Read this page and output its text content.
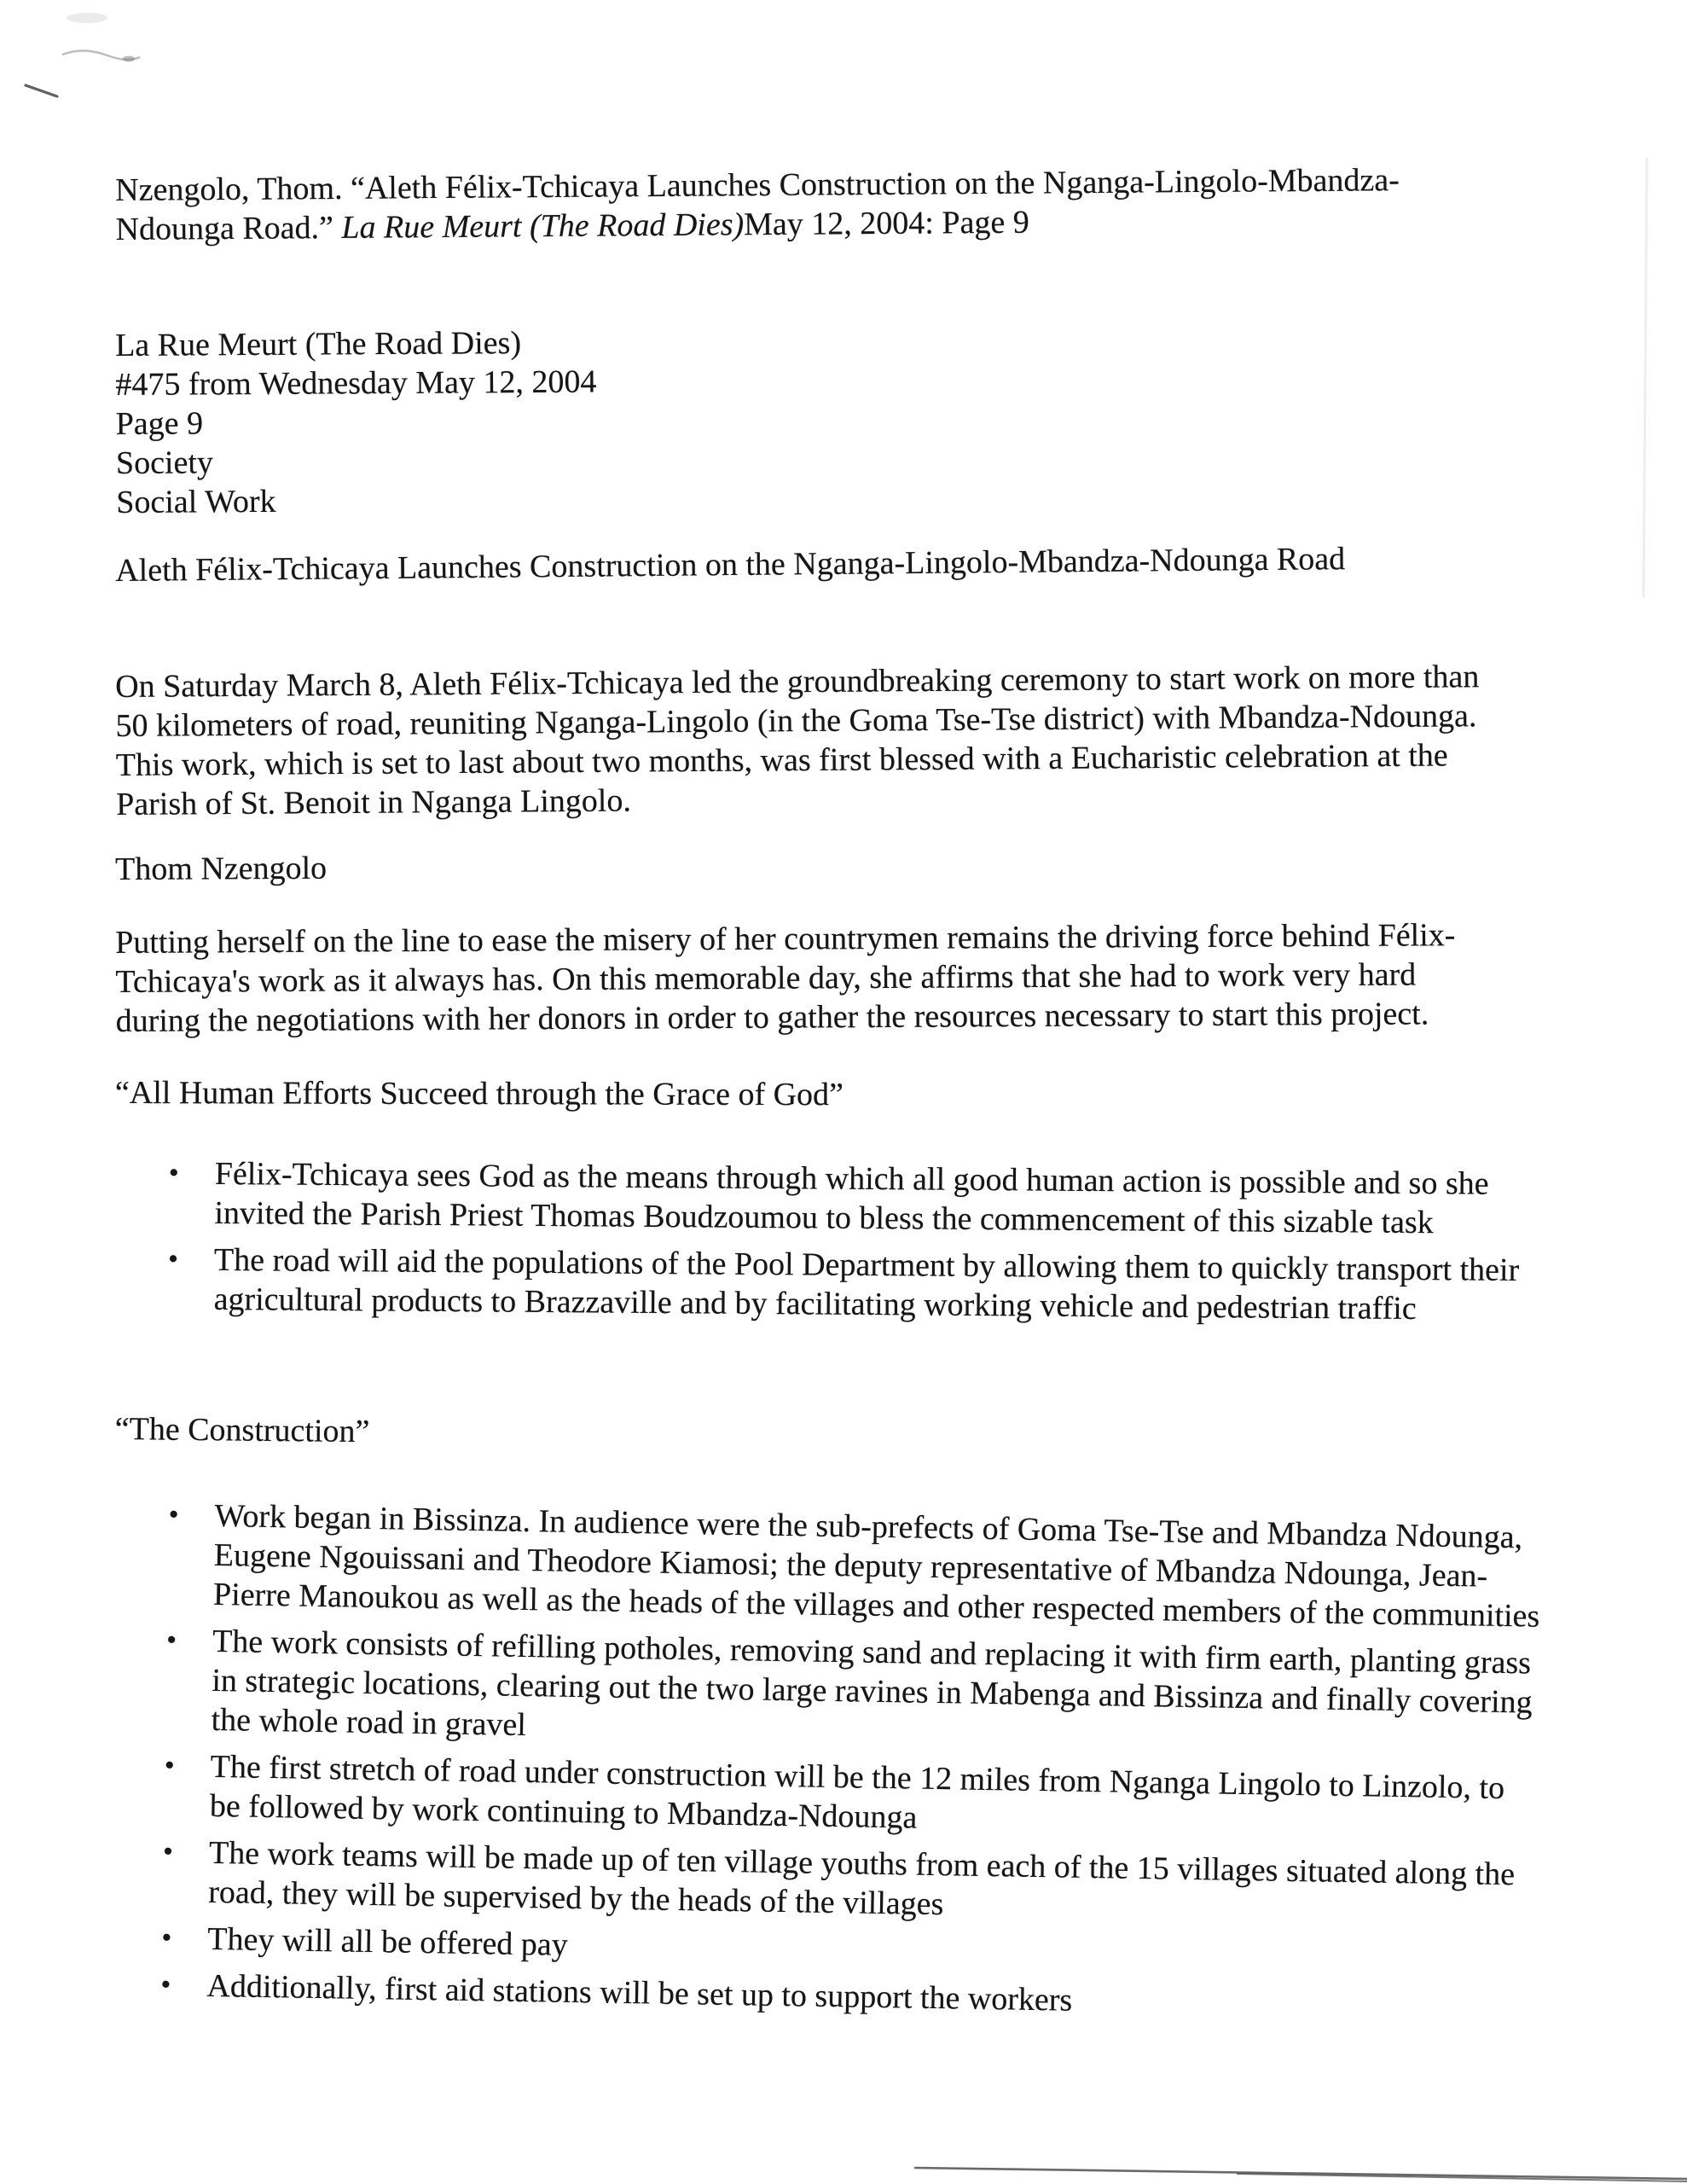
Nzengolo, Thom. “Aleth Félix-Tchicaya Launches Construction on the Nganga-Lingolo-Mbandza-
Ndounga Road.” La Rue Meurt (The Road Dies)May 12, 2004: Page 9
La Rue Meurt (The Road Dies)
#475 from Wednesday May 12, 2004
Page 9
Society
Social Work
Aleth Félix-Tchicaya Launches Construction on the Nganga-Lingolo-Mbandza-Ndounga Road
On Saturday March 8, Aleth Félix-Tchicaya led the groundbreaking ceremony to start work on more than 50 kilometers of road, reuniting Nganga-Lingolo (in the Goma Tse-Tse district) with Mbandza-Ndounga. This work, which is set to last about two months, was first blessed with a Eucharistic celebration at the Parish of St. Benoit in Nganga Lingolo.
Thom Nzengolo
Putting herself on the line to ease the misery of her countrymen remains the driving force behind Félix-Tchicaya's work as it always has. On this memorable day, she affirms that she had to work very hard during the negotiations with her donors in order to gather the resources necessary to start this project.
“All Human Efforts Succeed through the Grace of God”
•	Félix-Tchicaya sees God as the means through which all good human action is possible and so she invited the Parish Priest Thomas Boudzoumou to bless the commencement of this sizable task
•	The road will aid the populations of the Pool Department by allowing them to quickly transport their agricultural products to Brazzaville and by facilitating working vehicle and pedestrian traffic
“The Construction”
•	Work began in Bissinza. In audience were the sub-prefects of Goma Tse-Tse and Mbandza Ndounga, Eugene Ngouissani and Theodore Kiamosi; the deputy representative of Mbandza Ndounga, Jean-Pierre Manoukou as well as the heads of the villages and other respected members of the communities
•	The work consists of refilling potholes, removing sand and replacing it with firm earth, planting grass in strategic locations, clearing out the two large ravines in Mabenga and Bissinza and finally covering the whole road in gravel
•	The first stretch of road under construction will be the 12 miles from Nganga Lingolo to Linzolo, to be followed by work continuing to Mbandza-Ndounga
•	The work teams will be made up of ten village youths from each of the 15 villages situated along the road, they will be supervised by the heads of the villages
•	They will all be offered pay
•	Additionally, first aid stations will be set up to support the workers
